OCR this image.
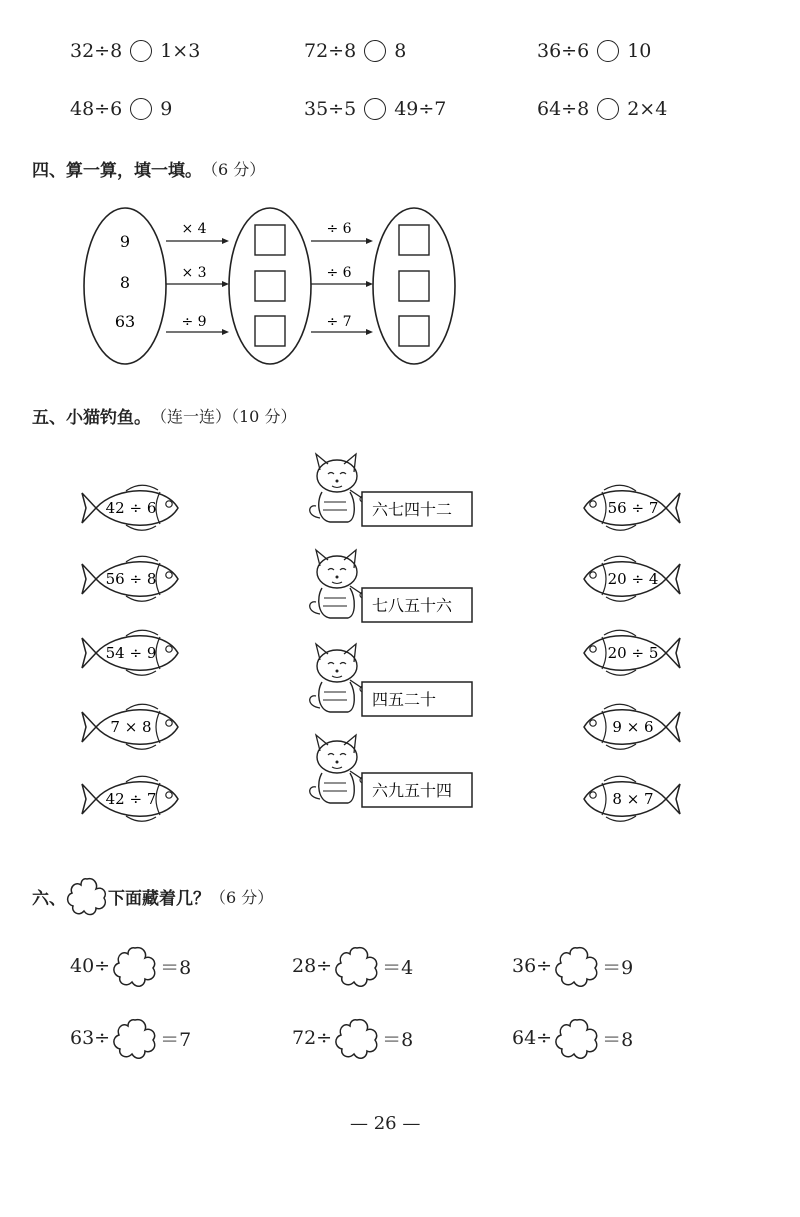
32÷8 1×3	72÷8 8	36÷6 10
48÷6 9	35÷5 49÷7	64÷8 2×4
四、算一算，填一填。 （6 分）
9
8
63
× 4
× 3
÷ 9
÷ 6
÷ 6
÷ 7
五、小猫钓鱼。 （连一连）（10 分）
42 ÷ 6
56 ÷ 8
54 ÷ 9
7 × 8
42 ÷ 7
56 ÷ 7
20 ÷ 4
20 ÷ 5
9 × 6
8 × 7
六七四十二
七八五十六
四五二十
六九五十四
六、 下面藏着几？ （6 分）
40÷	＝8	28÷	＝4	36÷	＝9
63÷	＝7	72÷	＝8	64÷	＝8
— 26 —
